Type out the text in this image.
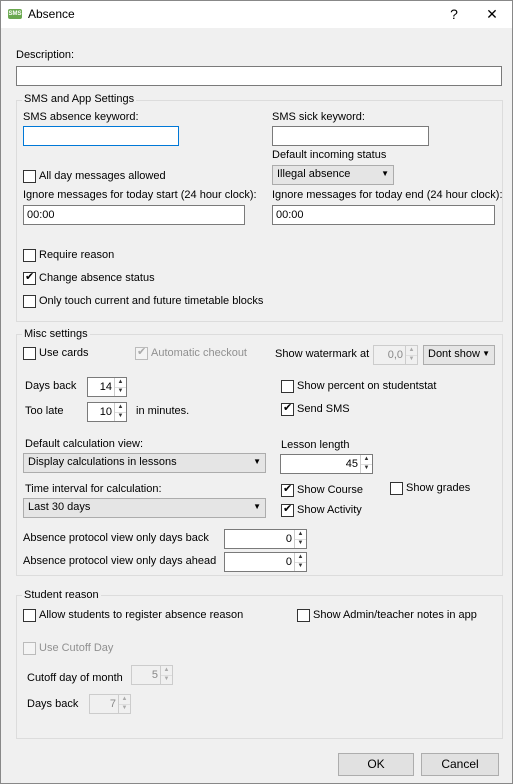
SMS Absence	?	✕
Description:
SMS and App Settings
SMS absence keyword:	SMS sick keyword:
Default incoming status
Illegal absence	▼
All day messages allowed
Ignore messages for today start (24 hour clock):
00:00 Ignore messages for today end (24 hour clock):
00:00
Require reason
✔ Change absence status
Only touch current and future timetable blocks
Misc settings
Use cards	✔ Automatic checkout	Show watermark at 0,0 ▲
▼	Dont show ▼
Days back 14 ▲
▼	Show percent on studentstat
Too late	10 ▲
▼ in minutes.	✔ Send SMS
Default calculation view:
Display calculations in lessons	▼
Lesson length
45 ▲
▼
Time interval for calculation:
Last 30 days	▼
✔ Show Course	Show grades
✔ Show Activity
Absence protocol view only days back	0 ▲
▼
Absence protocol view only days ahead	0 ▲
▼
Student reason
Allow students to register absence reason	Show Admin/teacher notes in app
Use Cutoff Day
Cutoff day of month	5 ▲
▼
Days back	7 ▲
▼
OK	Cancel
